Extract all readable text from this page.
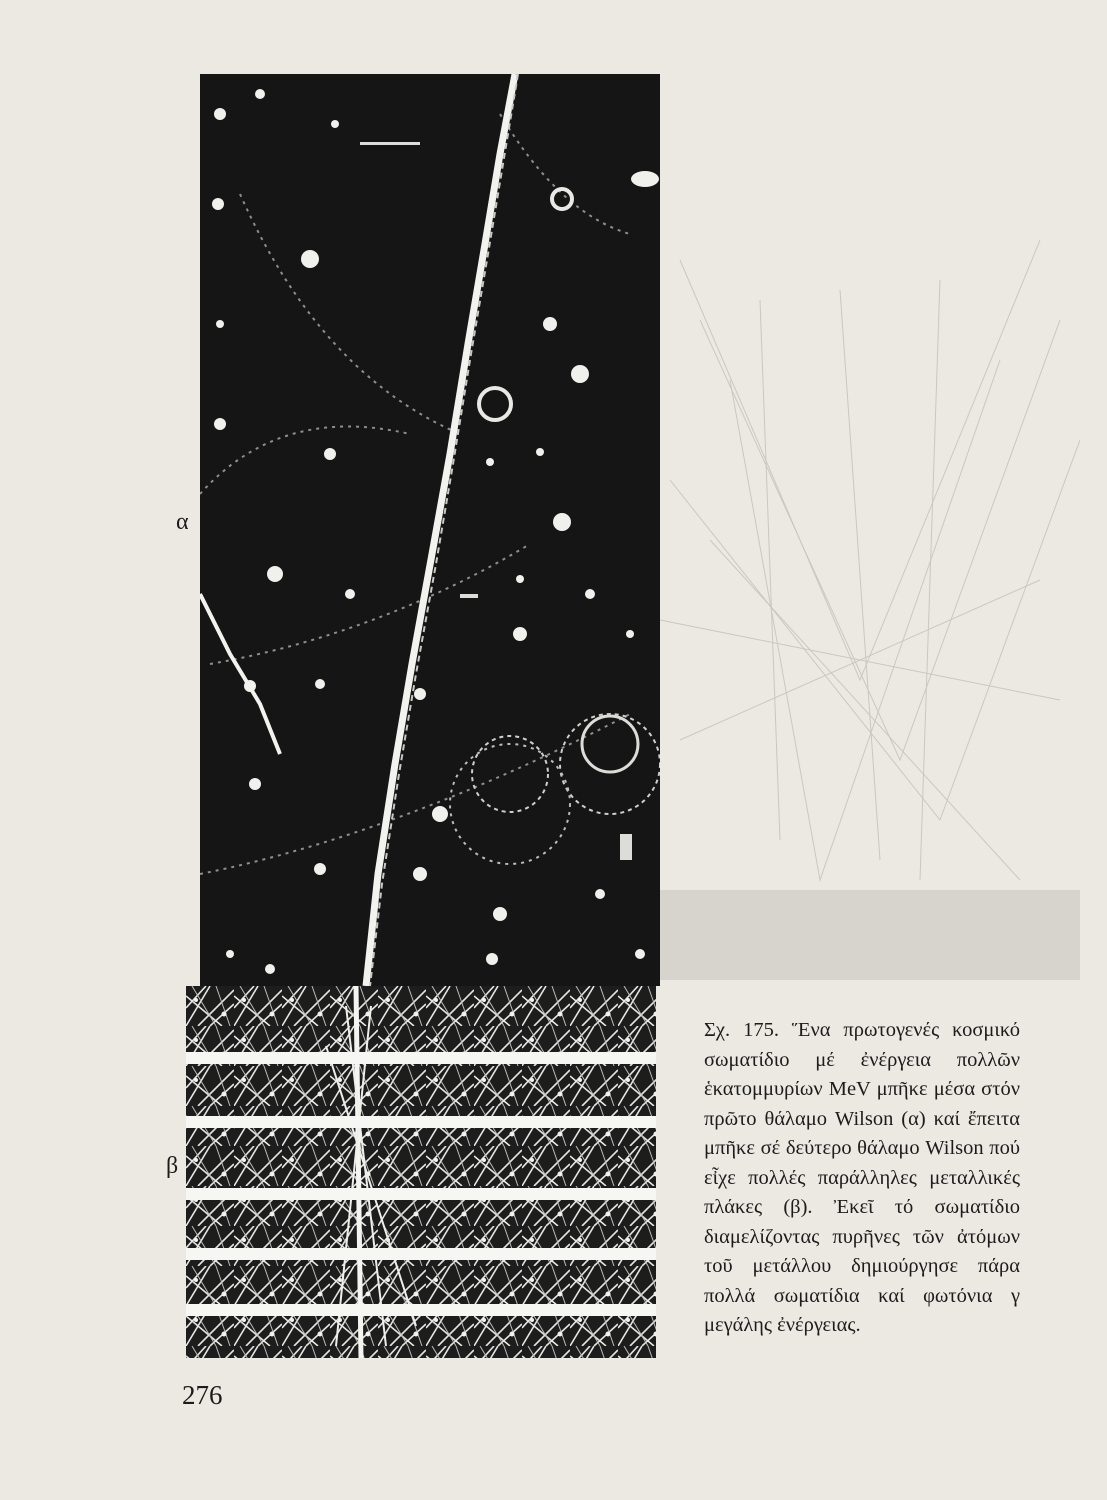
α
β

Σχ. 175. Ἕνα πρωτογενές κοσμικό σωματίδιο μέ ἐνέργεια πολλῶν ἑκατομμυρίων MeV μπῆκε μέσα στόν πρῶτο θάλαμο Wilson (α) καί ἔπειτα μπῆκε σέ δεύτερο θάλαμο Wilson πού εἶχε πολλές παράλληλες μεταλλικές πλάκες (β). Ἐκεῖ τό σωματίδιο διαμελίζοντας πυρῆνες τῶν ἀτόμων τοῦ μετάλλου δημιούργησε πάρα πολλά σωματίδια καί φωτόνια γ μεγάλης ἐνέργειας.

276
